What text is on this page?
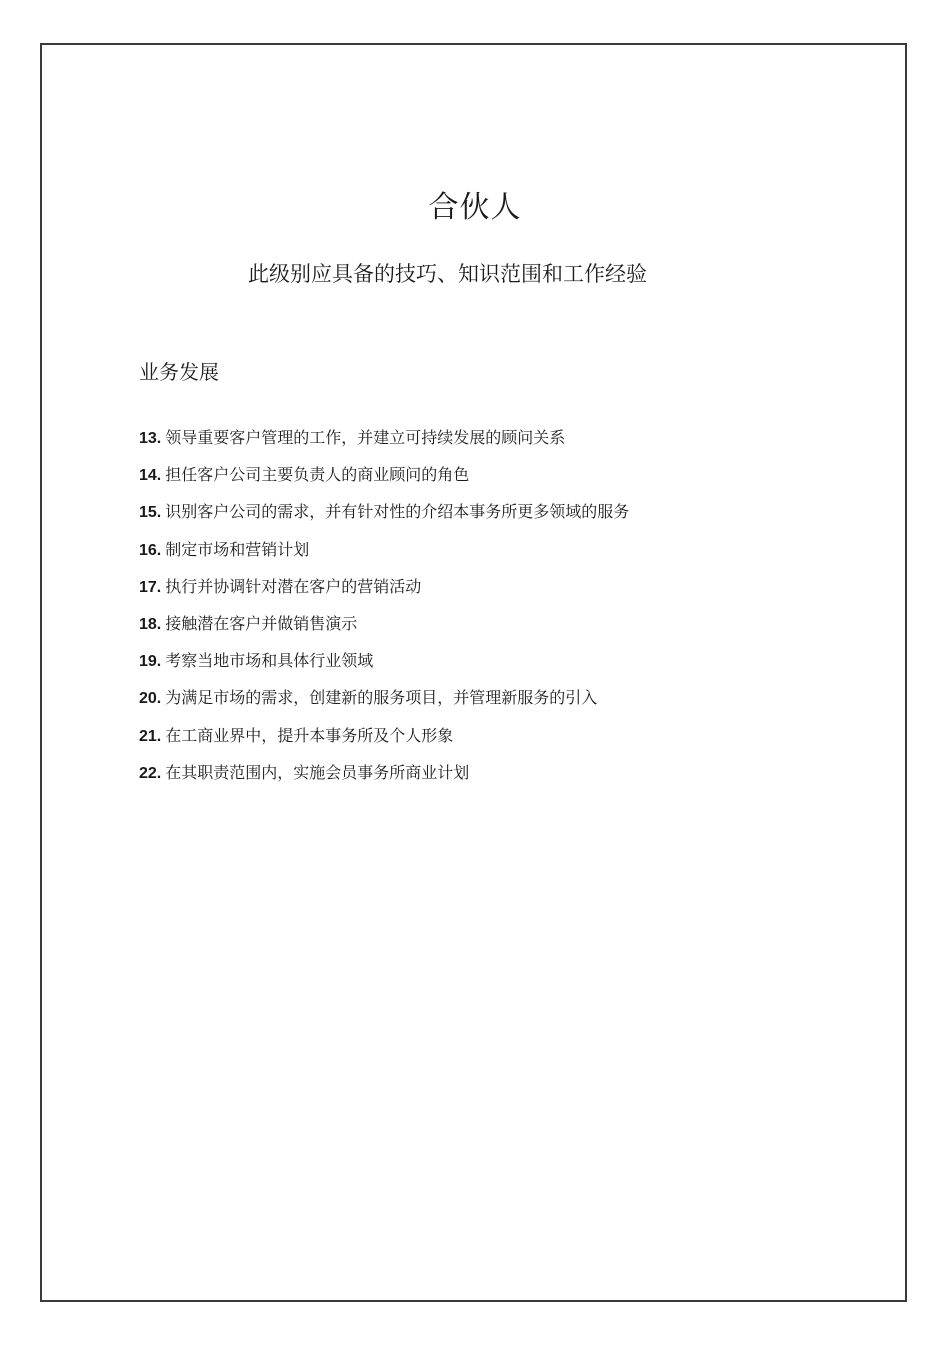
合伙人
此级别应具备的技巧、知识范围和工作经验
业务发展
13. 领导重要客户管理的工作，并建立可持续发展的顾问关系
14. 担任客户公司主要负责人的商业顾问的角色
15. 识别客户公司的需求，并有针对性的介绍本事务所更多领域的服务
16. 制定市场和营销计划
17. 执行并协调针对潜在客户的营销活动
18. 接触潜在客户并做销售演示
19. 考察当地市场和具体行业领域
20. 为满足市场的需求，创建新的服务项目，并管理新服务的引入
21. 在工商业界中，提升本事务所及个人形象
22. 在其职责范围内，实施会员事务所商业计划
